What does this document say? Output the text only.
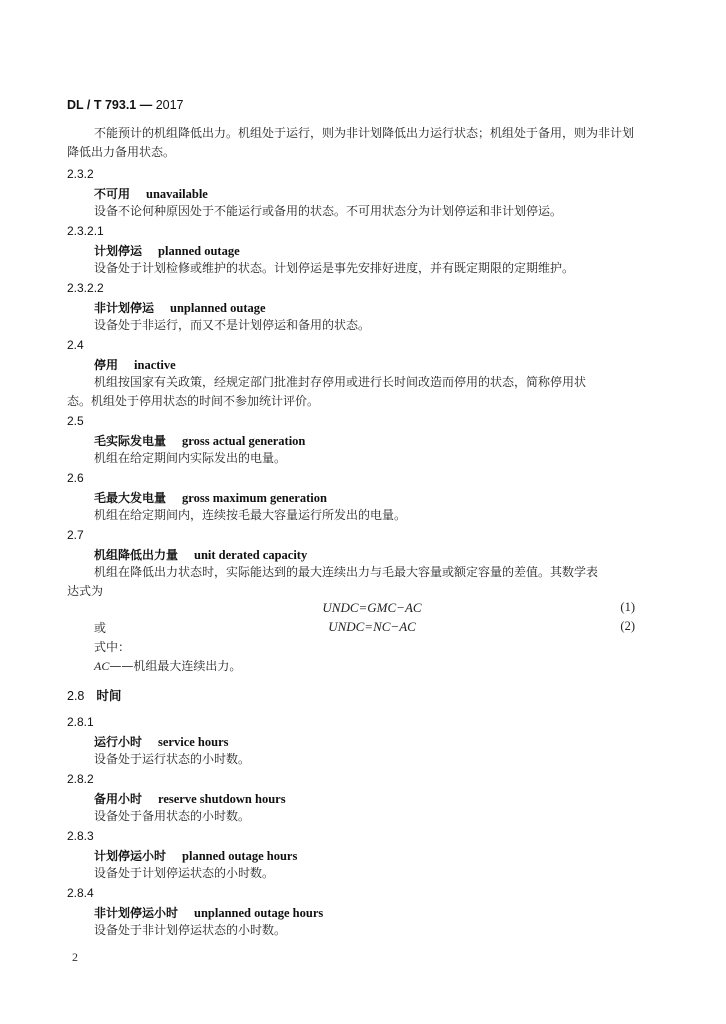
DL / T 793.1 — 2017
不能预计的机组降低出力。机组处于运行，则为非计划降低出力运行状态；机组处于备用，则为非计划降低出力备用状态。
2.3.2
不可用 unavailable
设备不论何种原因处于不能运行或备用的状态。不可用状态分为计划停运和非计划停运。
2.3.2.1
计划停运 planned outage
设备处于计划检修或维护的状态。计划停运是事先安排好进度，并有既定期限的定期维护。
2.3.2.2
非计划停运 unplanned outage
设备处于非运行，而又不是计划停运和备用的状态。
2.4
停用 inactive
机组按国家有关政策，经规定部门批准封存停用或进行长时间改造而停用的状态，简称停用状
态。机组处于停用状态的时间不参加统计评价。
2.5
毛实际发电量 gross actual generation
机组在给定期间内实际发出的电量。
2.6
毛最大发电量 gross maximum generation
机组在给定期间内，连续按毛最大容量运行所发出的电量。
2.7
机组降低出力量 unit derated capacity
机组在降低出力状态时，实际能达到的最大连续出力与毛最大容量或额定容量的差值。其数学表
达式为
UNDC=GMC−AC	(1)
或	UNDC=NC−AC	(2)
式中：
AC——机组最大连续出力。
2.8 时间
2.8.1
运行小时 service hours
设备处于运行状态的小时数。
2.8.2
备用小时 reserve shutdown hours
设备处于备用状态的小时数。
2.8.3
计划停运小时 planned outage hours
设备处于计划停运状态的小时数。
2.8.4
非计划停运小时 unplanned outage hours
设备处于非计划停运状态的小时数。
2
